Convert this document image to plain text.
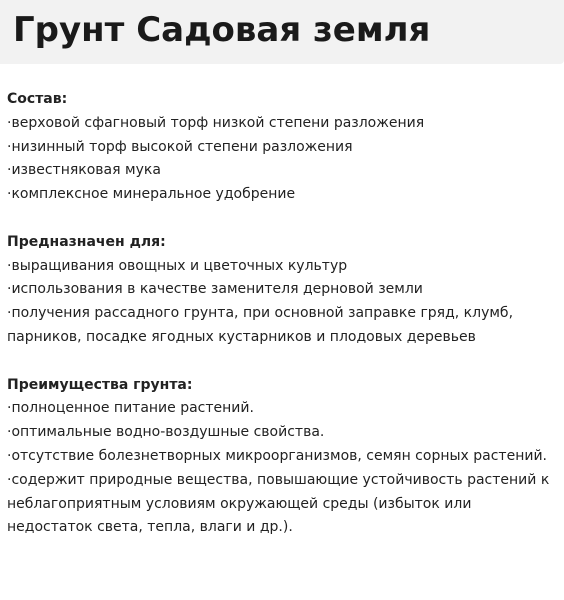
Грунт Садовая земля

Состав:

· верховой сфагновый торф низкой степени разложения

· низинный торф высокой степени разложения

· известняковая мука

· комплексное минеральное удобрение

Предназначен для:

· выращивания овощных и цветочных культур

· использования в качестве заменителя дерновой земли

· получения рассадного грунта, при основной заправке гряд, клумб, парников, посадке ягодных кустарников и плодовых деревьев

Преимущества грунта:

· полноценное питание растений.

· оптимальные водно-воздушные свойства.

· отсутствие болезнетворных микроорганизмов, семян сорных растений.

· содержит природные вещества, повышающие устойчивость растений к неблагоприятным условиям окружающей среды (избыток или недостаток света, тепла, влаги и др.).
